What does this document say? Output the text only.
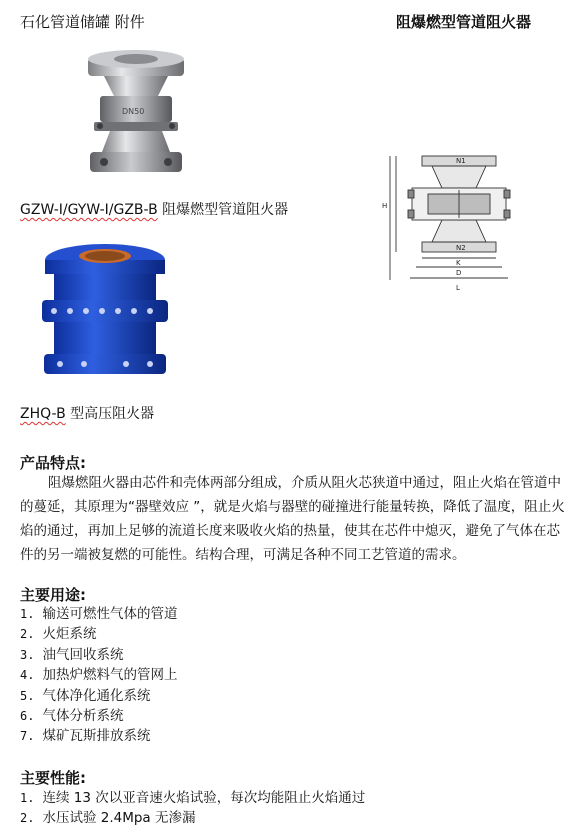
石化管道储罐 附件	阻爆燃型管道阻火器
DN50
GZW-I/GYW-I/GZB-B 阻爆燃型管道阻火器
N1
N2
H
K
D
L
ZHQ-B 型高压阻火器
产品特点:
阻爆燃阻火器由芯件和壳体两部分组成，介质从阻火芯狭道中通过，阻止火焰在管道中的蔓延，其原理为“器壁效应 ”，就是火焰与器壁的碰撞进行能量转换，降低了温度，阻止火焰的通过，再加上足够的流道长度来吸收火焰的热量，使其在芯件中熄灭，避免了气体在芯件的另一端被复燃的可能性。结构合理，可满足各种不同工艺管道的需求。
主要用途:
1. 输送可燃性气体的管道
2. 火炬系统
3. 油气回收系统
4. 加热炉燃料气的管网上
5. 气体净化通化系统
6. 气体分析系统
7. 煤矿瓦斯排放系统
主要性能:
1. 连续 13 次以亚音速火焰试验，每次均能阻止火焰通过
2. 水压试验 2.4Mpa 无渗漏
